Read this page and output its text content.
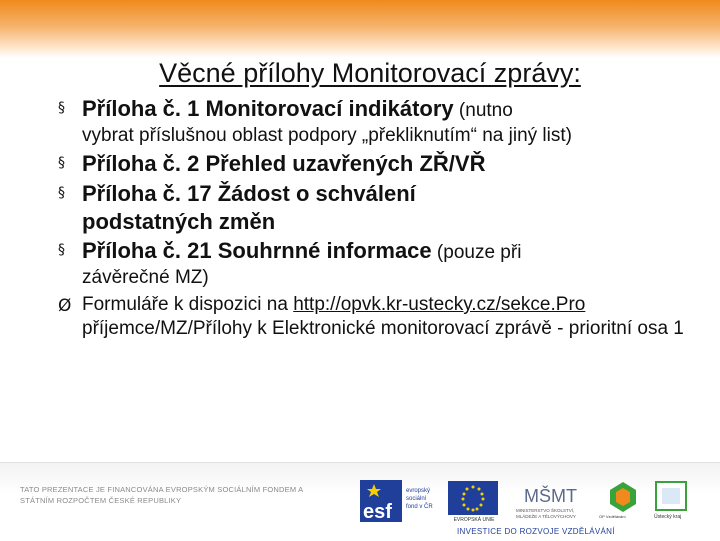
Věcné přílohy Monitorovací zprávy:
§ Příloha č. 1 Monitorovací indikátory (nutno
vybrat příslušnou oblast podpory „překliknutím“ na jiný list)
§ Příloha č. 2 Přehled uzavřených ZŘ/VŘ
§ Příloha č. 17 Žádost o schválení
podstatných změn
§ Příloha č. 21 Souhrnné informace (pouze při
závěrečné MZ)
Ø Formuláře k dispozici na http://opvk.kr-ustecky.cz/sekce.Pro příjemce/MZ/Přílohy k Elektronické monitorovací zprávě - prioritní osa 1
TATO PREZENTACE JE FINANCOVÁNA EVROPSKÝM SOCIÁLNÍM FONDEM A STÁTNÍM ROZPOČTEM ČESKÉ REPUBLIKY
esf
evropský
sociální
fond v ČR
EVROPSKÁ UNIE
MŠMT
MINISTERSTVO ŠKOLSTVÍ,
MLÁDEŽE A TĚLOVÝCHOVY	OP Vzdělávání	Ústecký kraj
INVESTICE DO ROZVOJE VZDĚLÁVÁNÍ
